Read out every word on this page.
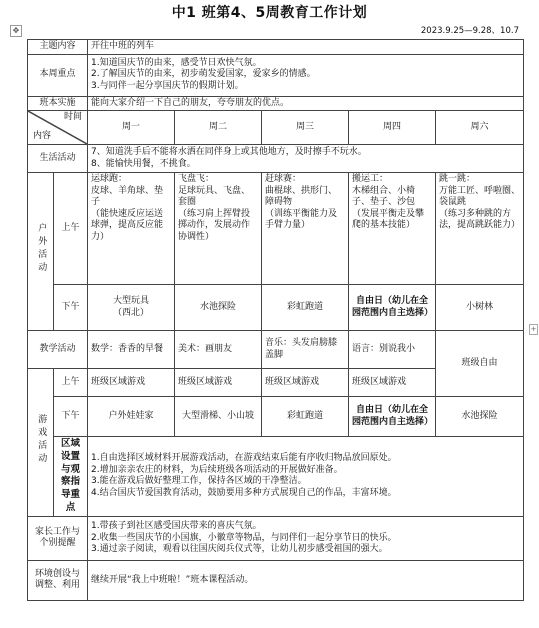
中1 班第4、5周教育工作计划
✥	2023.9.25—9.28、10.7
+
主题内容		开往中班的列车				
本周重点		1.知道国庆节的由来，感受节日欢快气氛。
2.了解国庆节的由来，初步萌发爱国家，爱家乡的情感。
3.与同伴一起分享国庆节的假期计划。				

班本实施		能向大家介绍一下自己的朋友，夸夸朋友的优点。				

时间
内容		周一	周二	周三	周四	周六
生活活动		7、知道洗手后不能将水洒在同伴身上或其他地方，及时擦手不玩水。
8、能愉快用餐，不挑食。				

户外活动	上午	运球跑：
皮球、羊角球、垫子
（能快速反应运送球弹，提高反应能力）	飞盘飞：
足球玩具、飞盘、套圈
（练习肩上挥臂投掷动作，发展动作协调性）	赶球赛：
曲棍球、拱形门、障碍物
（训练平衡能力及手臂力量）	搬运工：
木梯组合、小椅子、垫子、沙包
（发展平衡走及攀爬的基本技能）	跳一跳：
万能工匠、呼啦圈、袋鼠跳
（练习多种跳的方法，提高跳跃能力）
	下午	大型玩具
（西北）	水池探险	彩虹跑道	自由日（幼儿在全园范围内自主选择）	小树林
教学活动		数学：香香的早餐	美术：画朋友	音乐：头发肩膀膝盖脚	语言：别说我小	班级自由
游戏活动	上午	班级区域游戏	班级区域游戏	班级区域游戏	班级区域游戏	
	下午	户外娃娃家	大型滑梯、小山坡	彩虹跑道	自由日（幼儿在全园范围内自主选择）	水池探险
	区域设置与观察指导重点	1.自由选择区域材料开展游戏活动，在游戏结束后能有序收归物品放回原处。
2.增加亲亲农庄的材料，为后续班级各项活动的开展做好准备。
3.能在游戏后做好整理工作，保持各区域的干净整洁。
4.结合国庆节爱国教育活动，鼓励要用多种方式展现自己的作品，丰富环境。				

家长工作与个别提醒		1.带孩子到社区感受国庆带来的喜庆气氛。
2.收集一些国庆节的小国旗，小徽章等物品，与同伴们一起分享节日的快乐。
3.通过亲子阅读，观看以往国庆阅兵仪式等，让幼儿初步感受祖国的强大。				

环境创设与调整、利用		继续开展“我上中班啦！”班本课程活动。				
